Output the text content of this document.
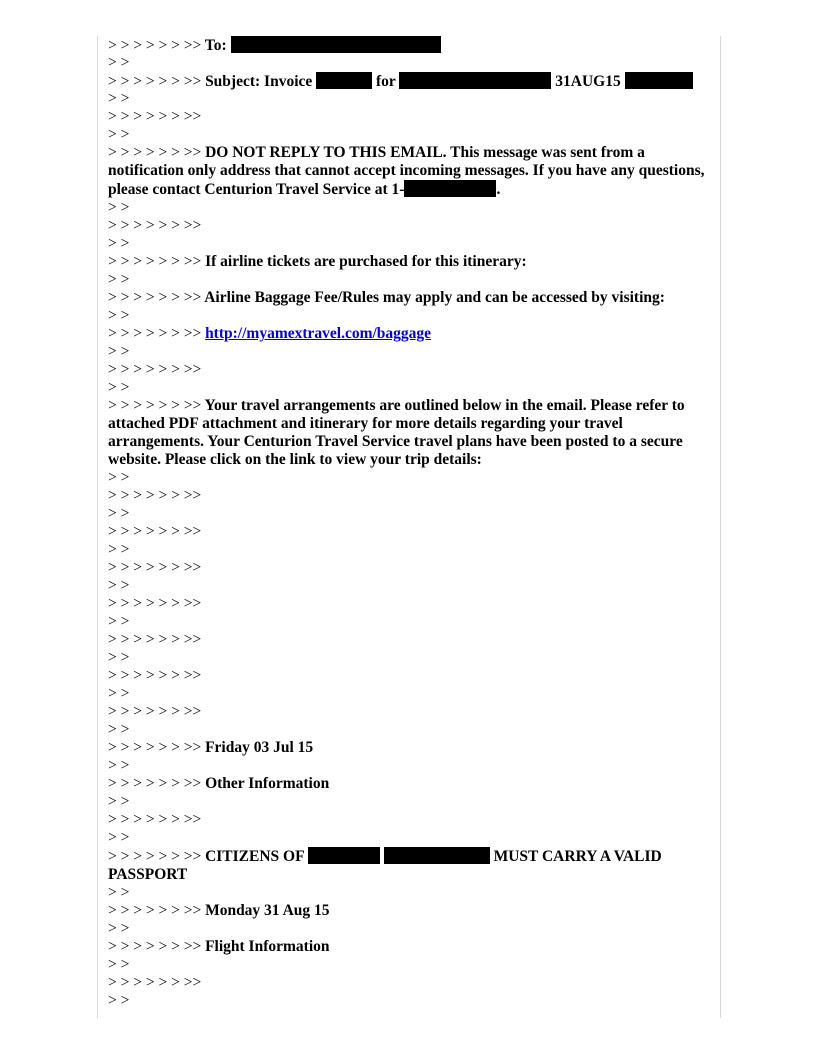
> > > > > > >> To:
> >
> > > > > > >> Subject: Invoice	for	31AUG15
> >
> > > > > > >>
> >
> > > > > > >> DO NOT REPLY TO THIS EMAIL. This message was sent from a notification only address that cannot accept incoming messages. If you have any questions, please contact Centurion Travel Service at 1-	.
> >
> > > > > > >>
> >
> > > > > > >> If airline tickets are purchased for this itinerary:
> >
> > > > > > >> Airline Baggage Fee/Rules may apply and can be accessed by visiting:
> >
> > > > > > >> http://myamextravel.com/baggage
> >
> > > > > > >>
> >
> > > > > > >> Your travel arrangements are outlined below in the email. Please refer to attached PDF attachment and itinerary for more details regarding your travel arrangements. Your Centurion Travel Service travel plans have been posted to a secure website. Please click on the link to view your trip details:
> >
> > > > > > >>
> >
> > > > > > >>
> >
> > > > > > >>
> >
> > > > > > >>
> >
> > > > > > >>
> >
> > > > > > >>
> >
> > > > > > >>
> >
> > > > > > >> Friday 03 Jul 15
> >
> > > > > > >> Other Information
> >
> > > > > > >>
> >
> > > > > > >> CITIZENS OF	MUST CARRY A VALID PASSPORT
> >
> > > > > > >> Monday 31 Aug 15
> >
> > > > > > >> Flight Information
> >
> > > > > > >>
> >
